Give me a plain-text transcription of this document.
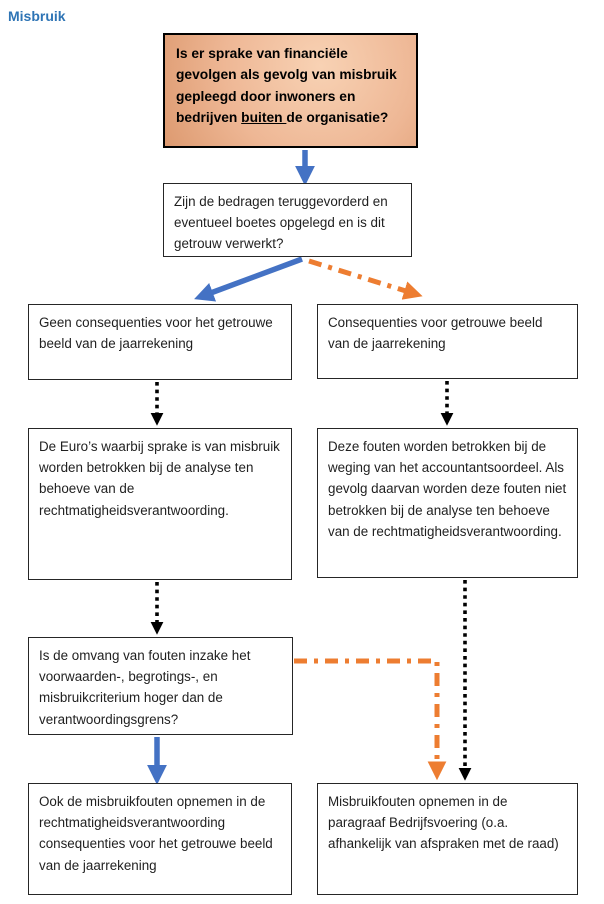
Misbruik
Is er sprake van financiële gevolgen als gevolg van misbruik gepleegd door inwoners en bedrijven buiten de organisatie?
Zijn de bedragen teruggevorderd en eventueel boetes opgelegd en is dit getrouw verwerkt?
Geen consequenties voor het getrouwe beeld van de jaarrekening
Consequenties voor getrouwe beeld van de jaarrekening
De Euro’s waarbij sprake is van misbruik worden betrokken bij de analyse ten behoeve van de rechtmatigheidsverantwoording.
Deze fouten worden betrokken bij de weging van het accountantsoordeel. Als gevolg daarvan worden deze fouten niet betrokken bij de analyse ten behoeve van de rechtmatigheidsverantwoording.
Is de omvang van fouten inzake het voorwaarden-, begrotings-, en misbruikcriterium hoger dan de verantwoordingsgrens?
Ook de misbruikfouten opnemen in de rechtmatigheidsverantwoording consequenties voor het getrouwe beeld van de jaarrekening
Misbruikfouten opnemen in de paragraaf Bedrijfsvoering (o.a. afhankelijk van afspraken met de raad)
